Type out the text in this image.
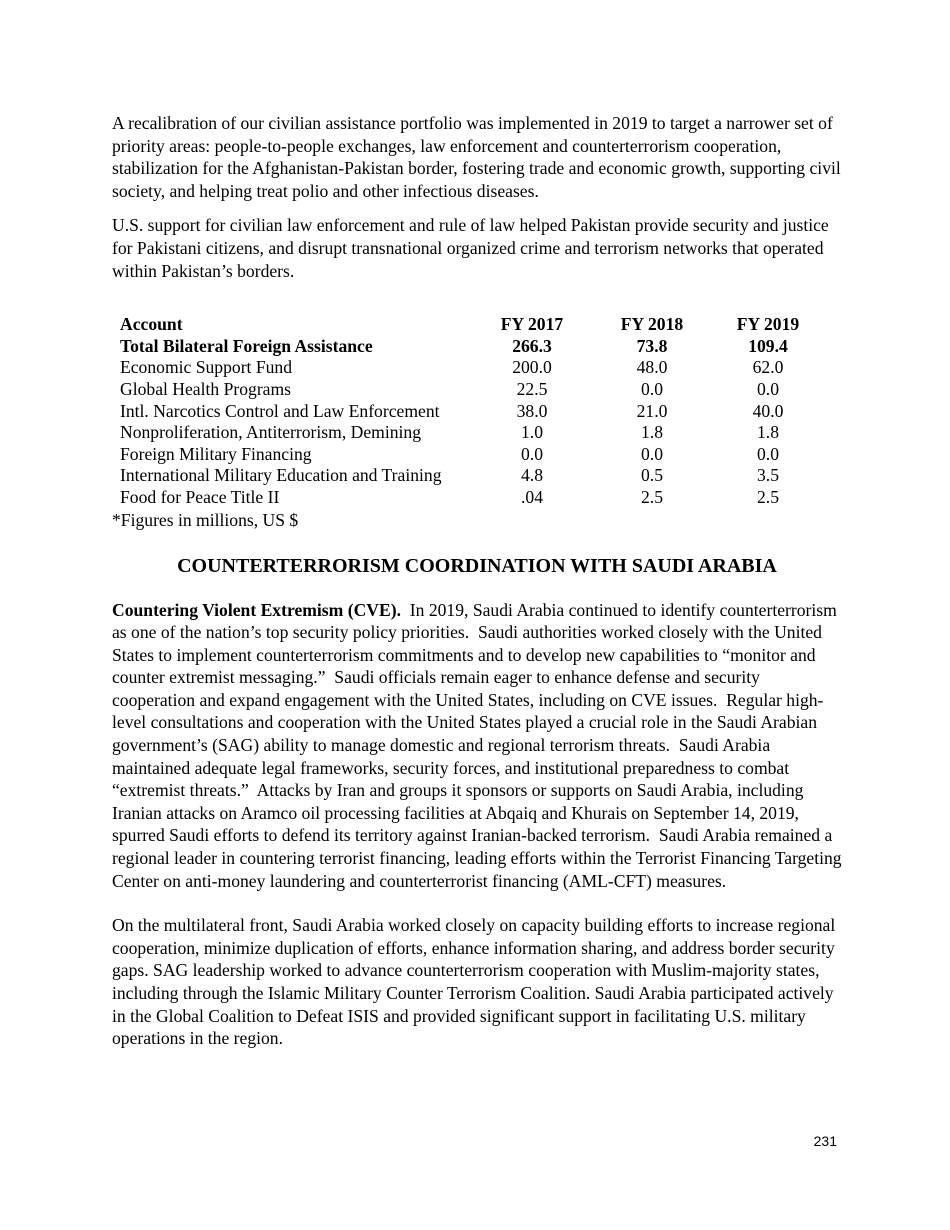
A recalibration of our civilian assistance portfolio was implemented in 2019 to target a narrower set of priority areas: people-to-people exchanges, law enforcement and counterterrorism cooperation, stabilization for the Afghanistan-Pakistan border, fostering trade and economic growth, supporting civil society, and helping treat polio and other infectious diseases.

U.S. support for civilian law enforcement and rule of law helped Pakistan provide security and justice for Pakistani citizens, and disrupt transnational organized crime and terrorism networks that operated within Pakistan’s borders.

Account	FY 2017	FY 2018	FY 2019
Total Bilateral Foreign Assistance	266.3	73.8	109.4
Economic Support Fund	200.0	48.0	62.0
Global Health Programs	22.5	0.0	0.0
Intl. Narcotics Control and Law Enforcement	38.0	21.0	40.0
Nonproliferation, Antiterrorism, Demining	1.0	1.8	1.8
Foreign Military Financing	0.0	0.0	0.0
International Military Education and Training	4.8	0.5	3.5
Food for Peace Title II	.04	2.5	2.5

*Figures in millions, US $

COUNTERTERRORISM COORDINATION WITH SAUDI ARABIA

Countering Violent Extremism (CVE).  In 2019, Saudi Arabia continued to identify counterterrorism as one of the nation’s top security policy priorities.  Saudi authorities worked closely with the United States to implement counterterrorism commitments and to develop new capabilities to “monitor and counter extremist messaging.”  Saudi officials remain eager to enhance defense and security cooperation and expand engagement with the United States, including on CVE issues.  Regular high-level consultations and cooperation with the United States played a crucial role in the Saudi Arabian government’s (SAG) ability to manage domestic and regional terrorism threats.  Saudi Arabia maintained adequate legal frameworks, security forces, and institutional preparedness to combat “extremist threats.”  Attacks by Iran and groups it sponsors or supports on Saudi Arabia, including Iranian attacks on Aramco oil processing facilities at Abqaiq and Khurais on September 14, 2019, spurred Saudi efforts to defend its territory against Iranian-backed terrorism.  Saudi Arabia remained a regional leader in countering terrorist financing, leading efforts within the Terrorist Financing Targeting Center on anti-money laundering and counterterrorist financing (AML-CFT) measures.

On the multilateral front, Saudi Arabia worked closely on capacity building efforts to increase regional cooperation, minimize duplication of efforts, enhance information sharing, and address border security gaps. SAG leadership worked to advance counterterrorism cooperation with Muslim-majority states, including through the Islamic Military Counter Terrorism Coalition. Saudi Arabia participated actively in the Global Coalition to Defeat ISIS and provided significant support in facilitating U.S. military operations in the region.

231
